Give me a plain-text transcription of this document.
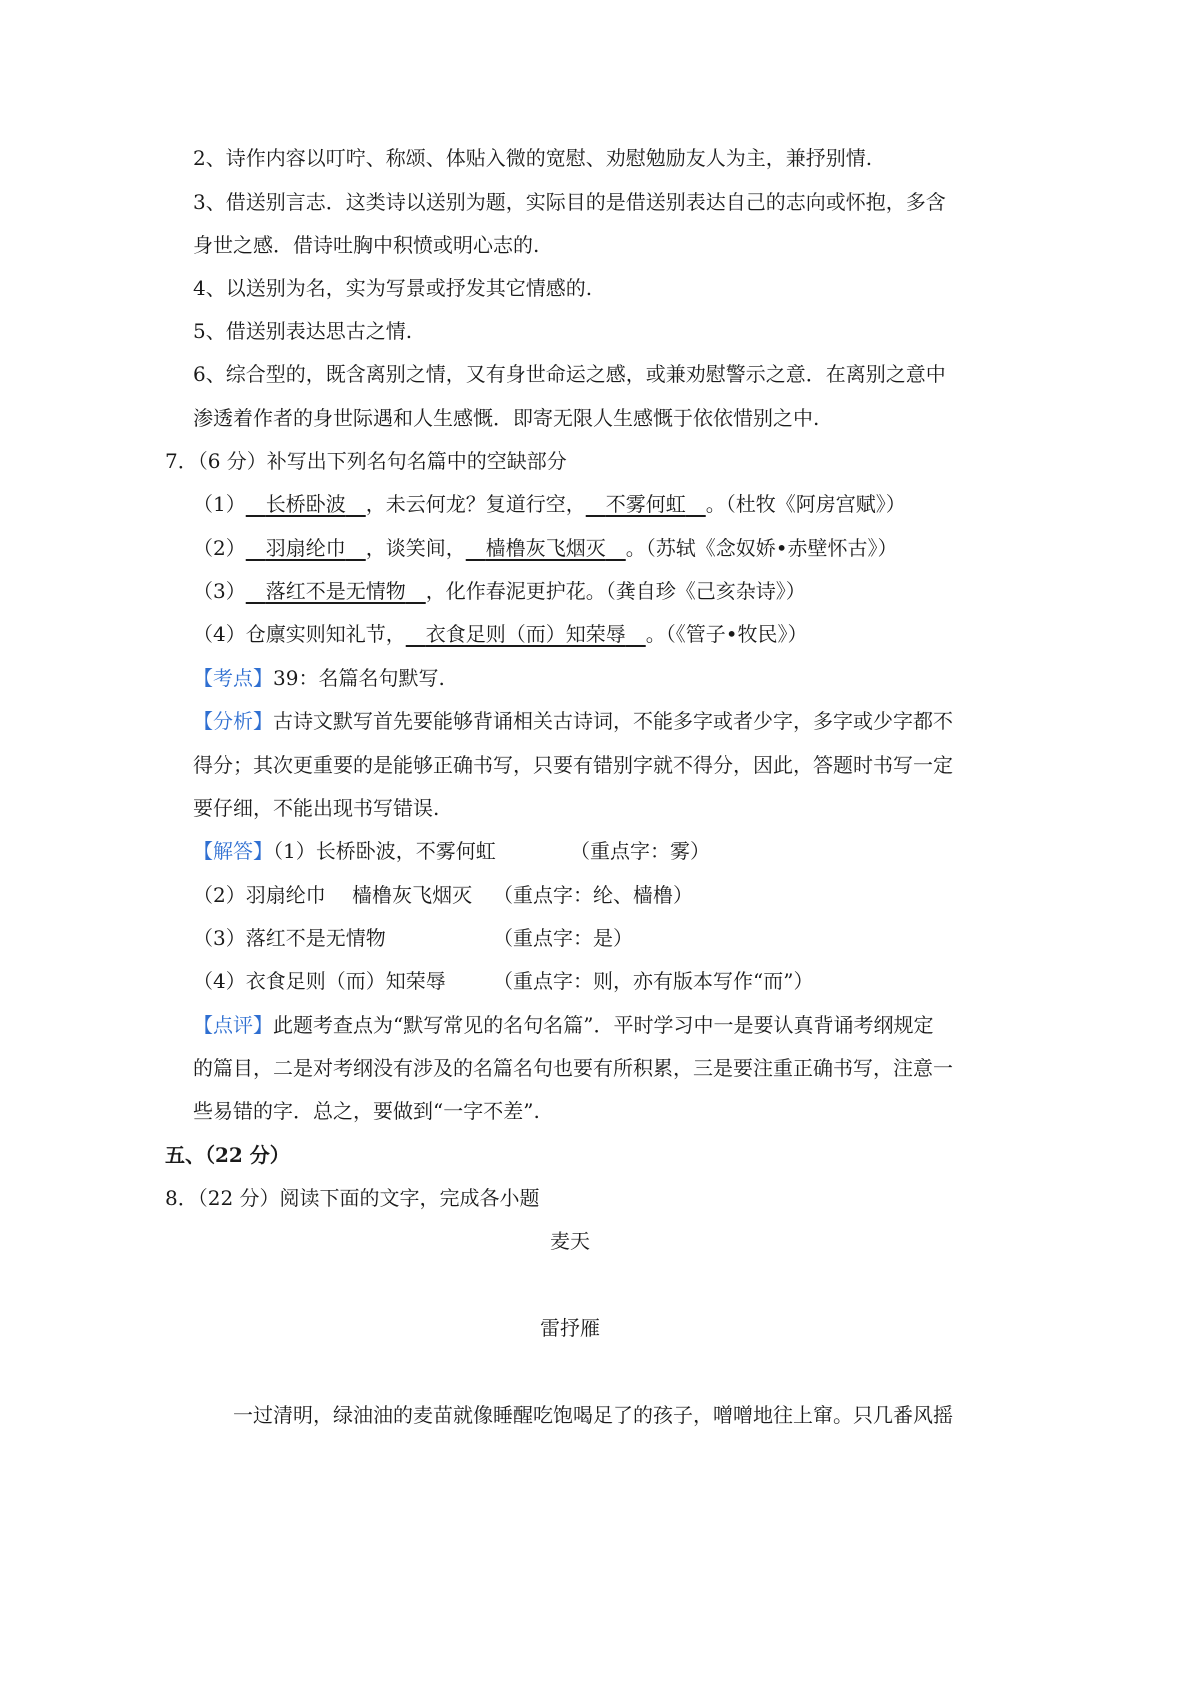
2、诗作内容以叮咛、称颂、体贴入微的宽慰、劝慰勉励友人为主，兼抒别情.
3、借送别言志．这类诗以送别为题，实际目的是借送别表达自己的志向或怀抱，多含
身世之感．借诗吐胸中积愤或明心志的.
4、以送别为名，实为写景或抒发其它情感的.
5、借送别表达思古之情.
6、综合型的，既含离别之情，又有身世命运之感，或兼劝慰警示之意．在离别之意中
渗透着作者的身世际遇和人生感慨．即寄无限人生感慨于依依惜别之中.
7．（6 分）补写出下列名句名篇中的空缺部分
（1）  长桥卧波  ，未云何龙？复道行空，  不雾何虹  。（杜牧《阿房宫赋》）
（2）  羽扇纶巾  ，谈笑间，  樯橹灰飞烟灭  。（苏轼《念奴娇•赤壁怀古》）
（3）  落红不是无情物  ，化作春泥更护花。（龚自珍《己亥杂诗》）
（4）仓廪实则知礼节，  衣食足则（而）知荣辱  。（《管子•牧民》）
【考点】39：名篇名句默写.
【分析】古诗文默写首先要能够背诵相关古诗词，不能多字或者少字，多字或少字都不
得分；其次更重要的是能够正确书写，只要有错别字就不得分，因此，答题时书写一定
要仔细，不能出现书写错误.
【解答】（1）长桥卧波，不雾何虹	（重点字：雾）
（2）羽扇纶巾　 樯橹灰飞烟灭 （重点字：纶、樯橹）
（3）落红不是无情物	（重点字：是）
（4）衣食足则（而）知荣辱 （重点字：则，亦有版本写作“而”）
【点评】此题考查点为“默写常见的名句名篇”．平时学习中一是要认真背诵考纲规定
的篇目，二是对考纲没有涉及的名篇名句也要有所积累，三是要注重正确书写，注意一
些易错的字．总之，要做到“一字不差”.
五、（22 分）
8．（22 分）阅读下面的文字，完成各小题
麦天
雷抒雁
一过清明，绿油油的麦苗就像睡醒吃饱喝足了的孩子，噌噌地往上窜。只几番风摇
